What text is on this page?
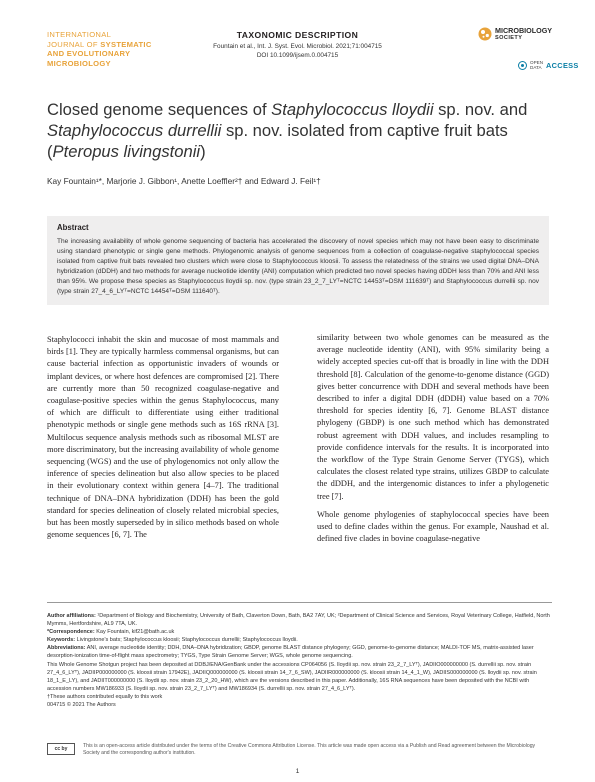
INTERNATIONAL
JOURNAL OF SYSTEMATIC
AND EVOLUTIONARY
MICROBIOLOGY
TAXONOMIC DESCRIPTION
Fountain et al., Int. J. Syst. Evol. Microbiol. 2021;71:004715
DOI 10.1099/ijsem.0.004715
MICROBIOLOGY
SOCIETY
OPEN
DATA ACCESS
Closed genome sequences of Staphylococcus lloydii sp. nov. and Staphylococcus durrellii sp. nov. isolated from captive fruit bats (Pteropus livingstonii)
Kay Fountain¹*, Marjorie J. Gibbon¹, Anette Loeffler²† and Edward J. Feil¹†
Abstract
The increasing availability of whole genome sequencing of bacteria has accelerated the discovery of novel species which may not have been easy to discriminate using standard phenotypic or single gene methods. Phylogenomic analysis of genome sequences from a collection of coagulase-negative staphylococcal species isolated from captive fruit bats revealed two clusters which were close to Staphylococcus kloosii. To assess the relatedness of the strains we used digital DNA–DNA hybridization (dDDH) and two methods for average nucleotide identity (ANI) computation which predicted two novel species having dDDH less than 70% and ANI less than 95%. We propose these species as Staphylococcus lloydii sp. nov. (type strain 23_2_7_LYᵀ=NCTC 14453ᵀ=DSM 111639ᵀ) and Staphylococcus durrellii sp. nov (type strain 27_4_6_LYᵀ=NCTC 14454ᵀ=DSM 111640ᵀ).

Staphylococci inhabit the skin and mucosae of most mammals and birds [1]. They are typically harmless commensal organisms, but can cause bacterial infection as opportunistic invaders of wounds or implant devices, or where host defences are compromised [2]. There are currently more than 50 recognized coagulase-negative and coagulase-positive species within the genus Staphylococcus, many of which are difficult to differentiate using either traditional phenotypic methods or single gene methods such as 16S rRNA [3]. Multilocus sequence analysis methods such as ribosomal MLST are more discriminatory, but the increasing availability of whole genome sequencing (WGS) and the use of phylogenomics not only allow the inference of species delineation but also allow species to be placed in their evolutionary context within genera [4–7]. The traditional technique of DNA–DNA hybridization (DDH) has been the gold standard for species delineation of closely related microbial species, but has been mostly superseded by in silico methods based on whole genome sequences [6, 7]. The

similarity between two whole genomes can be measured as the average nucleotide identity (ANI), with 95% similarity being a widely accepted species cut-off that is broadly in line with the DDH threshold [8]. Calculation of the genome-to-genome distance (GGD) gives better concurrence with DDH and several methods have been described to infer a digital DDH (dDDH) value based on a 70% threshold for species identity [6, 7]. Genome BLAST distance phylogeny (GBDP) is one such method which has demonstrated robust agreement with DDH values, and includes resampling to provide confidence intervals for the results. It is incorporated into the workflow of the Type Strain Genome Server (TYGS), which calculates the closest related type strains, utilizes GBDP to calculate the dDDH, and the intergenomic distances to infer a phylogenetic tree [7].

Whole genome phylogenies of staphylococcal species have been used to define clades within the genus. For example, Naushad et al. defined five clades in bovine coagulase-negative

Author affiliations: ¹Department of Biology and Biochemistry, University of Bath, Claverton Down, Bath, BA2 7AY, UK; ²Department of Clinical Science and Services, Royal Veterinary College, Hatfield, North Mymms, Hertfordshire, AL9 7TA, UK.
*Correspondence: Kay Fountain, kif21@bath.ac.uk
Keywords: Livingstone's bats; Staphylococcus kloosii; Staphylococcus durrellii; Staphylococcus lloydii.
Abbreviations: ANI, average nucleotide identity; DDH, DNA–DNA hybridization; GBDP, genome BLAST distance phylogeny; GGD, genome-to-genome distance; MALDI-TOF MS, matrix-assisted laser desorption-ionization time-of-flight mass spectrometry; TYGS, Type Strain Genome Server; WGS, whole genome sequencing.
This Whole Genome Shotgun project has been deposited at DDBJ/ENA/GenBank under the accessions CP064056 (S. lloydii sp. nov. strain 23_2_7_LYᵀ), JADIIO000000000 (S. durrellii sp. nov. strain 27_4_6_LYᵀ), JADIIP000000000 (S. kloosii strain 17942E), JADIIQ000000000 (S. kloosii strain 14_7_6_SW), JADIIR000000000 (S. kloosii strain 14_4_1_W), JADIIS000000000 (S. lloydii sp. nov. strain 18_1_E_LY), and JADIIT000000000 (S. lloydii sp. nov. strain 23_2_20_HW), which are the versions described in this paper. Additionally, 16S RNA sequences have been deposited with the NCBI with accession numbers MW186933 (S. lloydii sp. nov. strain 23_2_7_LYᵀ) and MW186934 (S. durrellii sp. nov. strain 27_4_6_LYᵀ).
†These authors contributed equally to this work
004715 © 2021 The Authors
cc by	This is an open-access article distributed under the terms of the Creative Commons Attribution License. This article was made open access via a Publish and Read agreement between the Microbiology Society and the corresponding author's institution.
1
